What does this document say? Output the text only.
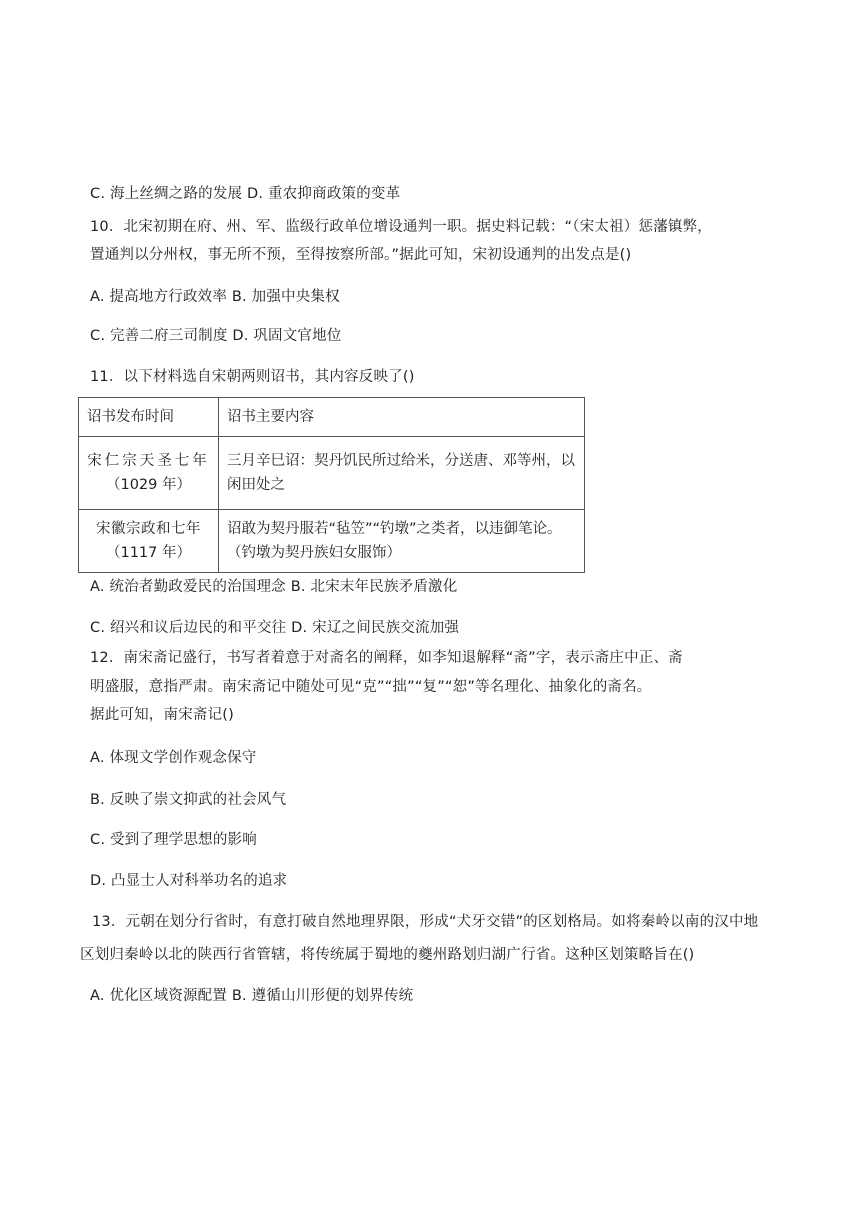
C. 海上丝绸之路的发展 D. 重农抑商政策的变革
10．北宋初期在府、州、军、监级行政单位增设通判一职。据史料记载：“（宋太祖）惩藩镇弊，
置通判以分州权，事无所不预，至得按察所部。”据此可知，宋初设通判的出发点是()
A. 提高地方行政效率 B. 加强中央集权
C. 完善二府三司制度 D. 巩固文官地位
11．以下材料选自宋朝两则诏书，其内容反映了()
诏书发布时间	诏书主要内容

宋仁宗天圣七年
（1029 年）	三月辛巳诏：契丹饥民所过给米，分送唐、邓等州，以闲田处之

宋徽宗政和七年
（1117 年）	诏敢为契丹服若“毡笠”“钓墩”之类者，以违御笔论。（钓墩为契丹族妇女服饰）
A. 统治者勤政爱民的治国理念 B. 北宋末年民族矛盾激化
C. 绍兴和议后边民的和平交往 D. 宋辽之间民族交流加强
12．南宋斋记盛行，书写者着意于对斋名的阐释，如李知退解释“斋”字，表示斋庄中正、斋
明盛服，意指严肃。南宋斋记中随处可见“克”“拙”“复”“恕”等名理化、抽象化的斋名。
据此可知，南宋斋记()
A. 体现文学创作观念保守
B. 反映了崇文抑武的社会风气
C. 受到了理学思想的影响
D. 凸显士人对科举功名的追求
13．元朝在划分行省时，有意打破自然地理界限，形成“犬牙交错”的区划格局。如将秦岭以南的汉中地
区划归秦岭以北的陕西行省管辖，将传统属于蜀地的夔州路划归湖广行省。这种区划策略旨在()
A. 优化区域资源配置 B. 遵循山川形便的划界传统
